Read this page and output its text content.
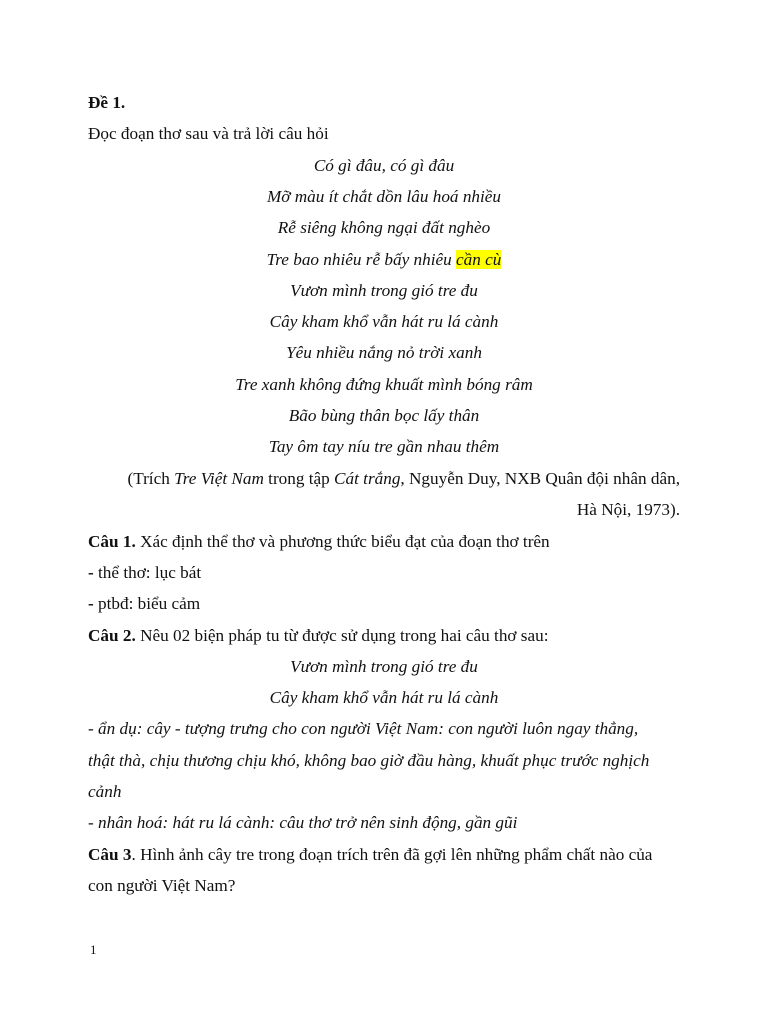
Đề 1.
Đọc đoạn thơ sau và trả lời câu hỏi
Có gì đâu, có gì đâu
Mỡ màu ít chắt dồn lâu hoá nhiều
Rễ siêng không ngại đất nghèo
Tre bao nhiêu rễ bấy nhiêu cần cù
Vươn mình trong gió tre đu
Cây kham khổ vẫn hát ru lá cành
Yêu nhiều nắng nỏ trời xanh
Tre xanh không đứng khuất mình bóng râm
Bão bùng thân bọc lấy thân
Tay ôm tay níu tre gần nhau thêm
(Trích Tre Việt Nam trong tập Cát trắng, Nguyễn Duy, NXB Quân đội nhân dân,
Hà Nội, 1973).
Câu 1. Xác định thể thơ và phương thức biểu đạt của đoạn thơ trên
- thể thơ: lục bát
- ptbđ: biểu cảm
Câu 2. Nêu 02 biện pháp tu từ được sử dụng trong hai câu thơ sau:
Vươn mình trong gió tre đu
Cây kham khổ vẫn hát ru lá cành
- ẩn dụ: cây - tượng trưng cho con người Việt Nam: con người luôn ngay thẳng,
thật thà, chịu thương chịu khó, không bao giờ đầu hàng, khuất phục trước nghịch
cảnh
- nhân hoá: hát ru lá cành: câu thơ trở nên sinh động, gần gũi
Câu 3. Hình ảnh cây tre trong đoạn trích trên đã gợi lên những phẩm chất nào của
con người Việt Nam?
1
